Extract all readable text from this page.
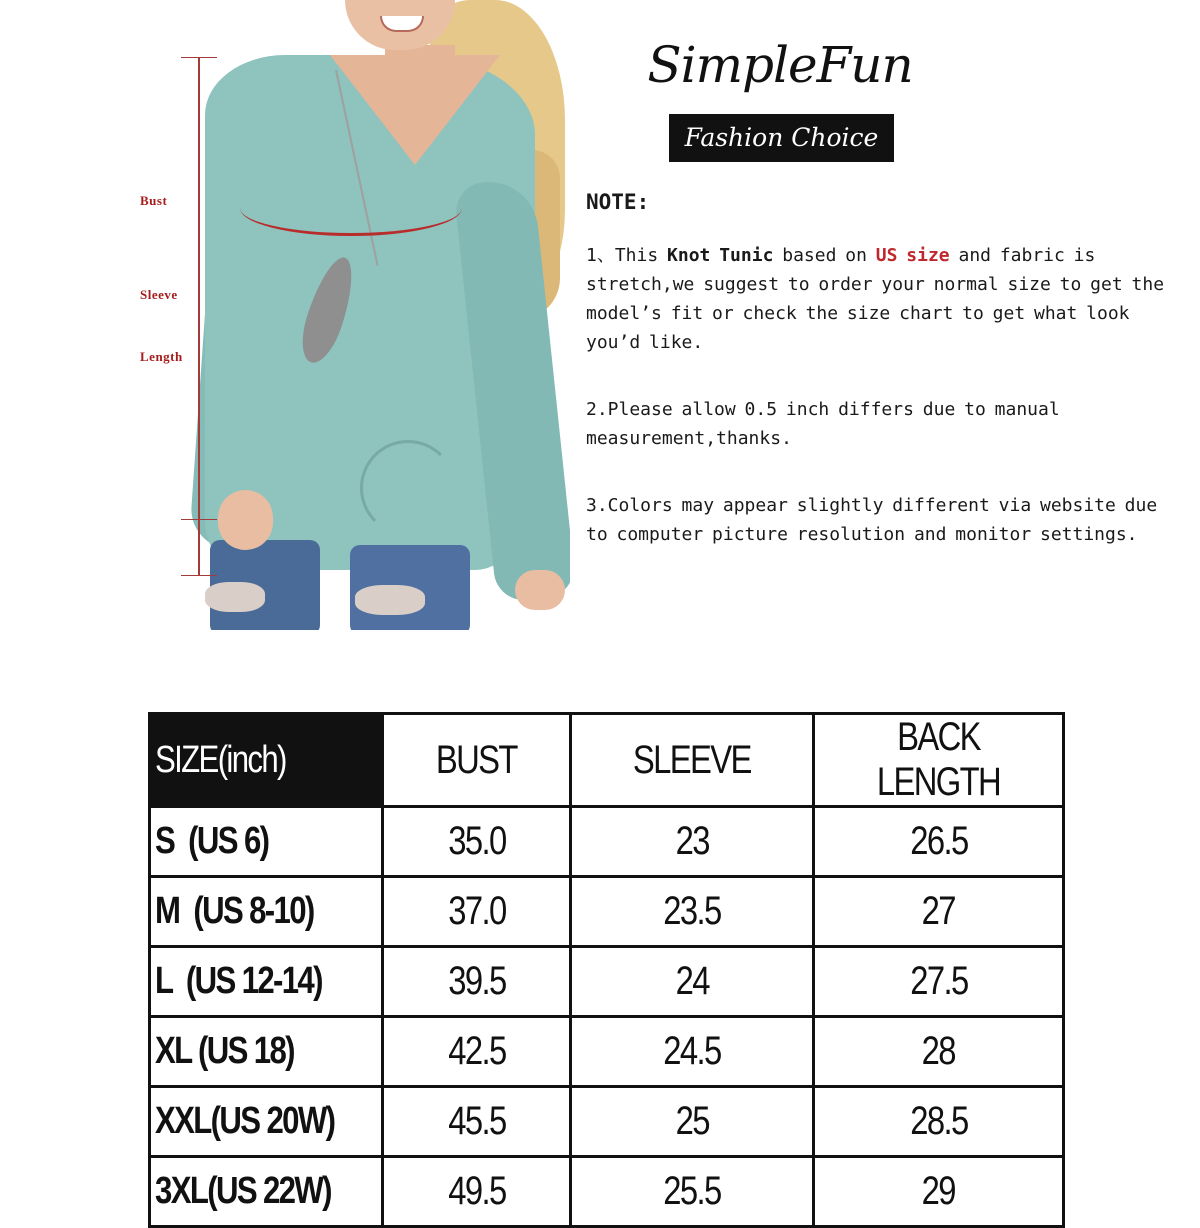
Bust
Sleeve
Length
SimpleFun
Fashion Choice
NOTE:

1、This Knot Tunic based on US size and fabric is stretch,we suggest to order your normal size to get the model’s fit or check the size chart to get what look you’d like.

2.Please allow 0.5 inch differs due to manual measurement,thanks.

3.Colors may appear slightly different via website due to computer picture resolution and monitor settings.

SIZE(inch)	BUST	SLEEVE	BACK LENGTH
S  (US 6)	35.0	23	26.5
M  (US 8-10)	37.0	23.5	27
L  (US 12-14)	39.5	24	27.5
XL (US 18)	42.5	24.5	28
XXL(US 20W)	45.5	25	28.5
3XL(US 22W)	49.5	25.5	29
